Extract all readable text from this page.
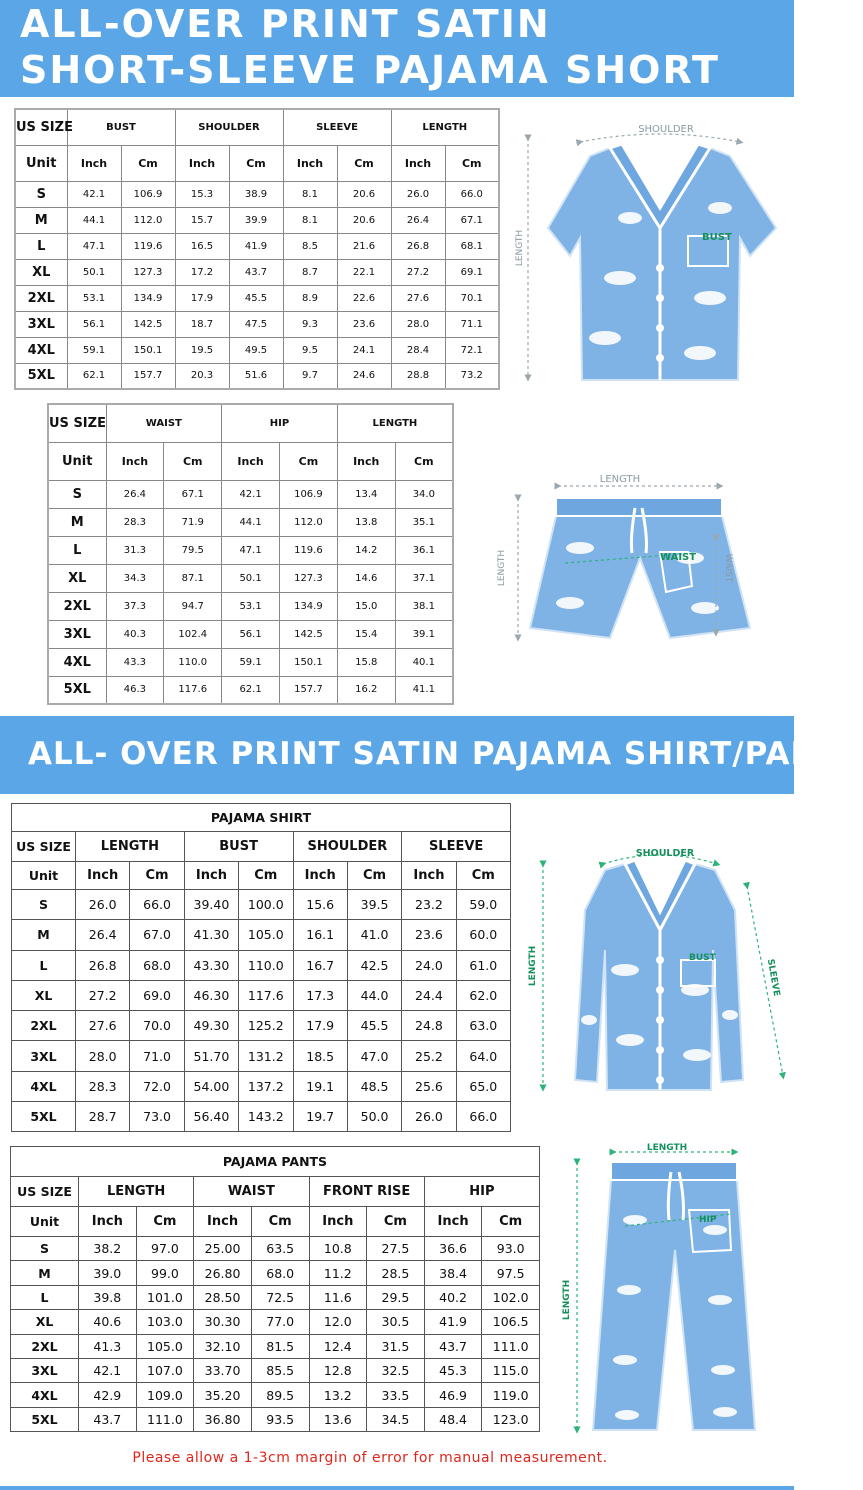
ALL-OVER PRINT SATIN
SHORT-SLEEVE PAJAMA SHORT
US SIZE	BUST		SHOULDER		SLEEVE		LENGTH	
Unit	Inch	Cm	Inch	Cm	Inch	Cm	Inch	Cm
S	42.1	106.9	15.3	38.9	8.1	20.6	26.0	66.0
M	44.1	112.0	15.7	39.9	8.1	20.6	26.4	67.1
L	47.1	119.6	16.5	41.9	8.5	21.6	26.8	68.1
XL	50.1	127.3	17.2	43.7	8.7	22.1	27.2	69.1
2XL	53.1	134.9	17.9	45.5	8.9	22.6	27.6	70.1
3XL	56.1	142.5	18.7	47.5	9.3	23.6	28.0	71.1
4XL	59.1	150.1	19.5	49.5	9.5	24.1	28.4	72.1
5XL	62.1	157.7	20.3	51.6	9.7	24.6	28.8	73.2
US SIZE	WAIST		HIP		LENGTH	
Unit	Inch	Cm	Inch	Cm	Inch	Cm
S	26.4	67.1	42.1	106.9	13.4	34.0
M	28.3	71.9	44.1	112.0	13.8	35.1
L	31.3	79.5	47.1	119.6	14.2	36.1
XL	34.3	87.1	50.1	127.3	14.6	37.1
2XL	37.3	94.7	53.1	134.9	15.0	38.1
3XL	40.3	102.4	56.1	142.5	15.4	39.1
4XL	43.3	110.0	59.1	150.1	15.8	40.1
5XL	46.3	117.6	62.1	157.7	16.2	41.1
ALL- OVER PRINT SATIN PAJAMA SHIRT/PANTS
PAJAMA SHIRT								
US SIZE	LENGTH		BUST		SHOULDER		SLEEVE	
Unit	Inch	Cm	Inch	Cm	Inch	Cm	Inch	Cm
S	26.0	66.0	39.40	100.0	15.6	39.5	23.2	59.0
M	26.4	67.0	41.30	105.0	16.1	41.0	23.6	60.0
L	26.8	68.0	43.30	110.0	16.7	42.5	24.0	61.0
XL	27.2	69.0	46.30	117.6	17.3	44.0	24.4	62.0
2XL	27.6	70.0	49.30	125.2	17.9	45.5	24.8	63.0
3XL	28.0	71.0	51.70	131.2	18.5	47.0	25.2	64.0
4XL	28.3	72.0	54.00	137.2	19.1	48.5	25.6	65.0
5XL	28.7	73.0	56.40	143.2	19.7	50.0	26.0	66.0
PAJAMA PANTS								
US SIZE	LENGTH		WAIST		FRONT RISE		HIP	
Unit	Inch	Cm	Inch	Cm	Inch	Cm	Inch	Cm
S	38.2	97.0	25.00	63.5	10.8	27.5	36.6	93.0
M	39.0	99.0	26.80	68.0	11.2	28.5	38.4	97.5
L	39.8	101.0	28.50	72.5	11.6	29.5	40.2	102.0
XL	40.6	103.0	30.30	77.0	12.0	30.5	41.9	106.5
2XL	41.3	105.0	32.10	81.5	12.4	31.5	43.7	111.0
3XL	42.1	107.0	33.70	85.5	12.8	32.5	45.3	115.0
4XL	42.9	109.0	35.20	89.5	13.2	33.5	46.9	119.0
5XL	43.7	111.0	36.80	93.5	13.6	34.5	48.4	123.0
SHOULDER
LENGTH	BUST
LENGTH
LENGTH	WAIST	WAIST
SHOULDER
LENGTH	SLEEVE
BUST
LENGTH
LENGTH
HIP
Please allow a 1-3cm margin of error for manual measurement.
